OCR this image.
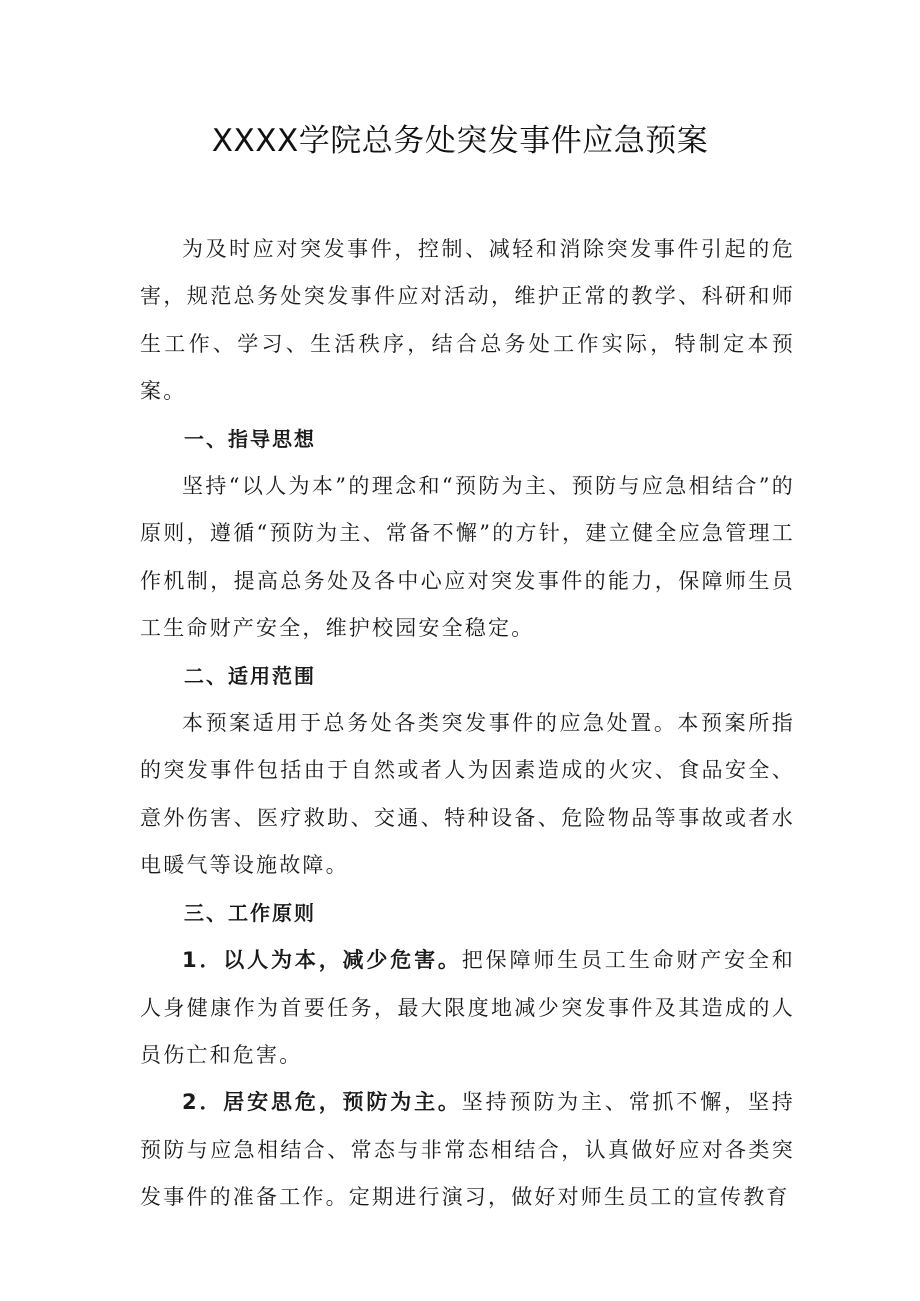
XXXX学院总务处突发事件应急预案

为及时应对突发事件，控制、减轻和消除突发事件引起的危害，规范总务处突发事件应对活动，维护正常的教学、科研和师生工作、学习、生活秩序，结合总务处工作实际，特制定本预案。

一、指导思想

坚持“以人为本”的理念和“预防为主、预防与应急相结合”的原则，遵循“预防为主、常备不懈”的方针，建立健全应急管理工作机制，提高总务处及各中心应对突发事件的能力，保障师生员工生命财产安全，维护校园安全稳定。

二、适用范围

本预案适用于总务处各类突发事件的应急处置。本预案所指的突发事件包括由于自然或者人为因素造成的火灾、食品安全、意外伤害、医疗救助、交通、特种设备、危险物品等事故或者水电暖气等设施故障。

三、工作原则

1．以人为本，减少危害。把保障师生员工生命财产安全和人身健康作为首要任务，最大限度地减少突发事件及其造成的人员伤亡和危害。

2．居安思危，预防为主。坚持预防为主、常抓不懈，坚持预防与应急相结合、常态与非常态相结合，认真做好应对各类突发事件的准备工作。定期进行演习，做好对师生员工的宣传教育
